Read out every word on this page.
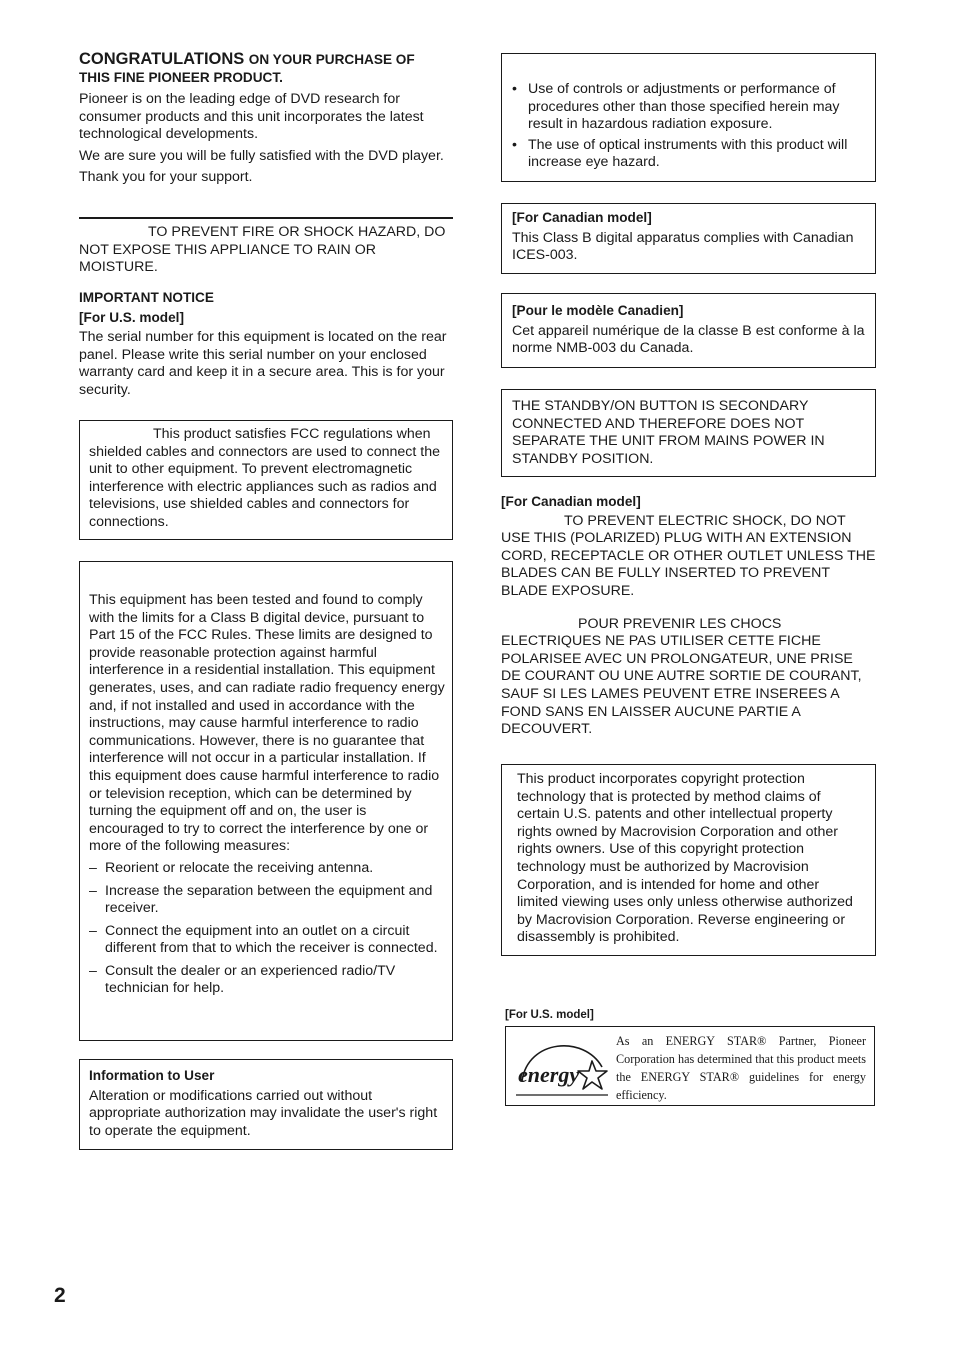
CONGRATULATIONS ON YOUR PURCHASE OF
THIS FINE PIONEER PRODUCT.

Pioneer is on the leading edge of DVD research for consumer products and this unit incorporates the latest technological developments.

We are sure you will be fully satisfied with the DVD player.

Thank you for your support.

TO PREVENT FIRE OR SHOCK HAZARD, DO NOT EXPOSE THIS APPLIANCE TO RAIN OR MOISTURE.
IMPORTANT NOTICE
[For U.S. model]
The serial number for this equipment is located on the rear panel. Please write this serial number on your enclosed warranty card and keep it in a secure area. This is for your security.
This product satisfies FCC regulations when shielded cables and connectors are used to connect the unit to other equipment. To prevent electromagnetic interference with electric appliances such as radios and televisions, use shielded cables and connectors for connections.

This equipment has been tested and found to comply with the limits for a Class B digital device, pursuant to Part 15 of the FCC Rules. These limits are designed to provide reasonable protection against harmful interference in a residential installation. This equipment generates, uses, and can radiate radio frequency energy and, if not installed and used in accordance with the instructions, may cause harmful interference to radio communications. However, there is no guarantee that interference will not occur in a particular installation. If this equipment does cause harmful interference to radio or television reception, which can be determined by turning the equipment off and on, the user is encouraged to try to correct the interference by one or more of the following measures:

– Reorient or relocate the receiving antenna.
– Increase the separation between the equipment and receiver.
– Connect the equipment into an outlet on a circuit different from that to which the receiver is connected.
– Consult the dealer or an experienced radio/TV technician for help.
Information to User
Alteration or modifications carried out without appropriate authorization may invalidate the user's right to operate the equipment.
• Use of controls or adjustments or performance of procedures other than those specified herein may result in hazardous radiation exposure.
• The use of optical instruments with this product will increase eye hazard.
[For Canadian model]
This Class B digital apparatus complies with Canadian ICES-003.
[Pour le modèle Canadien]
Cet appareil numérique de la classe B est conforme à la norme NMB-003 du Canada.
THE STANDBY/ON BUTTON IS SECONDARY CONNECTED AND THEREFORE DOES NOT SEPARATE THE UNIT FROM MAINS POWER IN STANDBY POSITION.
[For Canadian model]
TO PREVENT ELECTRIC SHOCK, DO NOT USE THIS (POLARIZED) PLUG WITH AN EXTENSION CORD, RECEPTACLE OR OTHER OUTLET UNLESS THE BLADES CAN BE FULLY INSERTED TO PREVENT BLADE EXPOSURE.
POUR PREVENIR LES CHOCS ELECTRIQUES NE PAS UTILISER CETTE FICHE POLARISEE AVEC UN PROLONGATEUR, UNE PRISE DE COURANT OU UNE AUTRE SORTIE DE COURANT, SAUF SI LES LAMES PEUVENT ETRE INSEREES A FOND SANS EN LAISSER AUCUNE PARTIE A DECOUVERT.
This product incorporates copyright protection technology that is protected by method claims of certain U.S. patents and other intellectual property rights owned by Macrovision Corporation and other rights owners. Use of this copyright protection technology must be authorized by Macrovision Corporation, and is intended for home and other limited viewing uses only unless otherwise authorized by Macrovision Corporation. Reverse engineering or disassembly is prohibited.
[For U.S. model]
energy
As an ENERGY STAR® Partner, Pioneer Corporation has determined that this product meets the ENERGY STAR® guidelines for energy efficiency.
2
